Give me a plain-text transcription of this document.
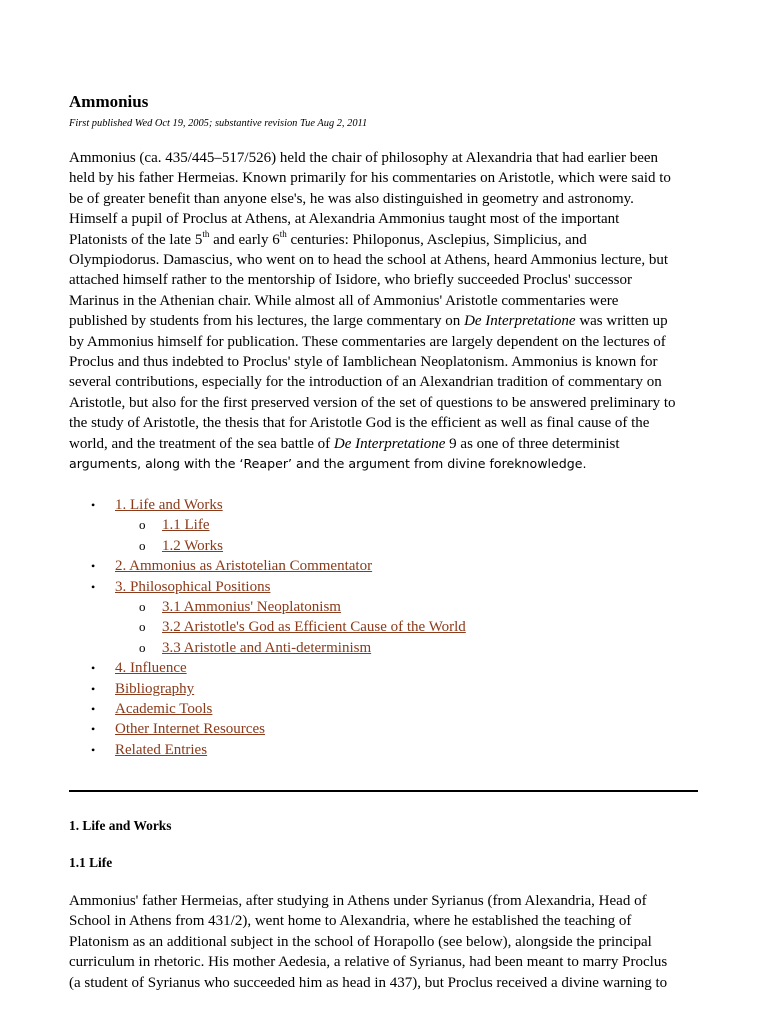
Ammonius

First published Wed Oct 19, 2005; substantive revision Tue Aug 2, 2011

Ammonius (ca. 435/445–517/526) held the chair of philosophy at Alexandria that had earlier been
held by his father Hermeias. Known primarily for his commentaries on Aristotle, which were said to
be of greater benefit than anyone else's, he was also distinguished in geometry and astronomy.
Himself a pupil of Proclus at Athens, at Alexandria Ammonius taught most of the important
Platonists of the late 5th and early 6th centuries: Philoponus, Asclepius, Simplicius, and
Olympiodorus. Damascius, who went on to head the school at Athens, heard Ammonius lecture, but
attached himself rather to the mentorship of Isidore, who briefly succeeded Proclus' successor
Marinus in the Athenian chair. While almost all of Ammonius' Aristotle commentaries were
published by students from his lectures, the large commentary on De Interpretatione was written up
by Ammonius himself for publication. These commentaries are largely dependent on the lectures of
Proclus and thus indebted to Proclus' style of Iamblichean Neoplatonism. Ammonius is known for
several contributions, especially for the introduction of an Alexandrian tradition of commentary on
Aristotle, but also for the first preserved version of the set of questions to be answered preliminary to
the study of Aristotle, the thesis that for Aristotle God is the efficient as well as final cause of the
world, and the treatment of the sea battle of De Interpretatione 9 as one of three determinist
arguments, along with the ‘Reaper’ and the argument from divine foreknowledge.

• 1. Life and Works
o 1.1 Life
o 1.2 Works
• 2. Ammonius as Aristotelian Commentator
• 3. Philosophical Positions
o 3.1 Ammonius' Neoplatonism
o 3.2 Aristotle's God as Efficient Cause of the World
o 3.3 Aristotle and Anti-determinism
• 4. Influence
• Bibliography
• Academic Tools
• Other Internet Resources
• Related Entries
1. Life and Works
1.1 Life

Ammonius' father Hermeias, after studying in Athens under Syrianus (from Alexandria, Head of
School in Athens from 431/2), went home to Alexandria, where he established the teaching of
Platonism as an additional subject in the school of Horapollo (see below), alongside the principal
curriculum in rhetoric. His mother Aedesia, a relative of Syrianus, had been meant to marry Proclus
(a student of Syrianus who succeeded him as head in 437), but Proclus received a divine warning to
